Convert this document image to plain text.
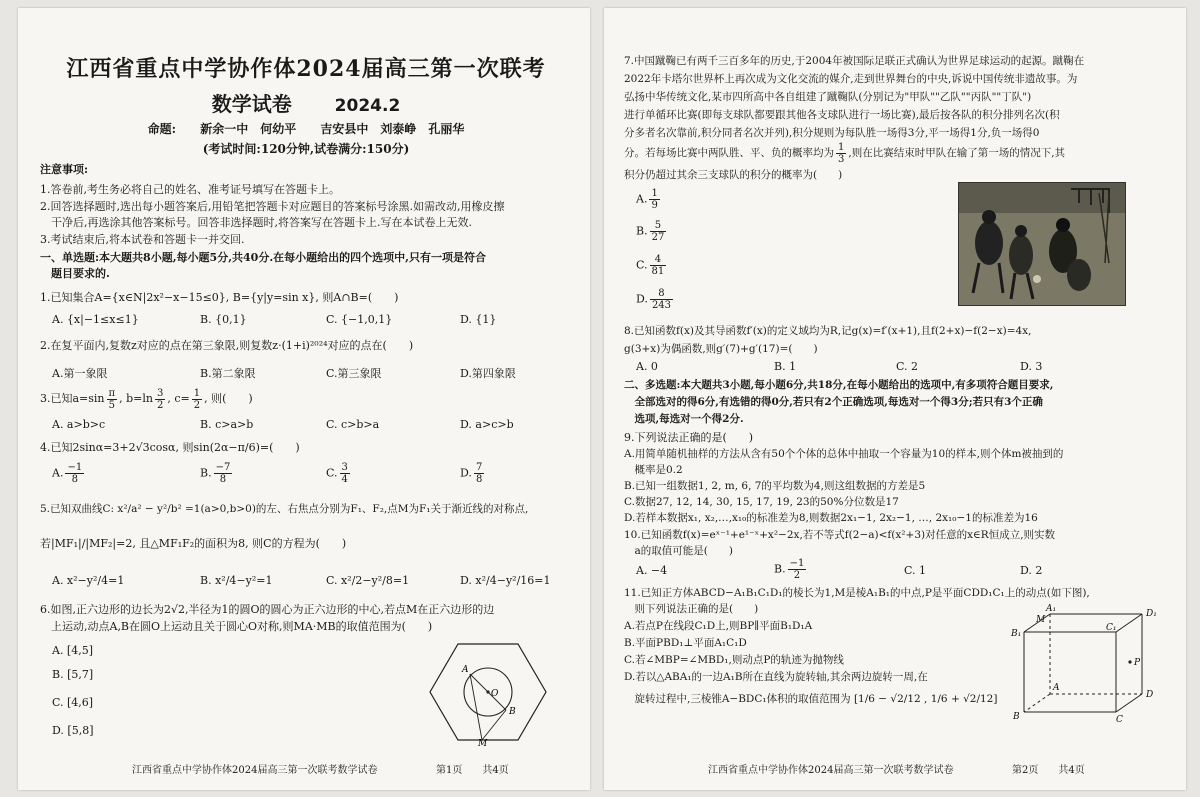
江西省重点中学协作体2024届高三第一次联考
数学试卷	2024.2
命题: 新余一中　何幼平 吉安县中　刘泰峥　孔丽华
(考试时间:120分钟,试卷满分:150分)
注意事项:
1.答卷前,考生务必将自己的姓名、准考证号填写在答题卡上。
2.回答选择题时,选出每小题答案后,用铅笔把答题卡对应题目的答案标号涂黑.如需改动,用橡皮擦
　干净后,再选涂其他答案标号。回答非选择题时,将答案写在答题卡上.写在本试卷上无效.
3.考试结束后,将本试卷和答题卡一并交回.
一、单选题:本大题共8小题,每小题5分,共40分.在每小题给出的四个选项中,只有一项是符合
　题目要求的.
1.已知集合A={x∈N|2x²−x−15≤0}, B={y|y=sin x}, 则A∩B=(　　)
A. {x|−1≤x≤1}	B. {0,1}	C. {−1,0,1}	D. {1}
2.在复平面内,复数z对应的点在第三象限,则复数z·(1+i)²⁰²⁴对应的点在(　　)
A.第一象限	B.第二象限	C.第三象限	D.第四象限
3.已知$a=\sin \frac{\pi}{5}$ , $b=\ln \frac{3}{2}$ , $c= \frac{1}{2}$ , 则(　　)
A. a>b>c	B. c>a>b	C. c>b>a	D. a>c>b
4.已知2sinα=3+2√3cosα, 则sin(2α−π/6)=(　　)
A. $\frac{-1}{8}$	B. $\frac{-7}{8}$	C. $\frac{3}{4}$	D. $\frac{7}{8}$
5.已知双曲线C: x²/a² − y²/b² =1(a>0,b>0)的左、右焦点分别为F₁、F₂,点M为F₁关于渐近线的对称点,
若|MF₁|/|MF₂|=2, 且△MF₁F₂的面积为8, 则C的方程为(　　)
A. x²−y²/4=1	B. x²/4−y²=1	C. x²/2−y²/8=1	D. x²/4−y²/16=1
6.如图,正六边形的边长为2√2,半径为1的圆O的圆心为正六边形的中心,若点M在正六边形的边
　上运动,动点A,B在圆O上运动且关于圆心O对称,则MA·MB的取值范围为(　　)
A. [4,5]
B. [5,7]
C. [4,6]
D. [5,8]
A
O
B
M
江西省重点中学协作体2024届高三第一次联考数学试卷	第1页　　共4页
7.中国蹴鞠已有两千三百多年的历史,于2004年被国际足联正式确认为世界足球运动的起源。蹴鞠在
2022年卡塔尔世界杯上再次成为文化交流的媒介,走到世界舞台的中央,诉说中国传统非遗故事。为
弘扬中华传统文化,某市四所高中各自组建了蹴鞠队(分别记为"甲队""乙队""丙队""丁队")
进行单循环比赛(即每支球队都要跟其他各支球队进行一场比赛),最后按各队的积分排列名次(积
分多者名次靠前,积分同者名次并列),积分规则为每队胜一场得3分,平一场得1分,负一场得0
分。若每场比赛中两队胜、平、负的概率均为 $\frac{1}{3}$ ,则在比赛结束时甲队在输了第一场的情况下,其
积分仍超过其余三支球队的积分的概率为(　　)
A. $\frac{1}{9}$
B. $\frac{5}{27}$
C. $\frac{4}{81}$
D. $\frac{8}{243}$
8.已知函数f(x)及其导函数f′(x)的定义域均为R,记g(x)=f′(x+1),且f(2+x)−f(2−x)=4x,
g(3+x)为偶函数,则g′(7)+g′(17)=(　　)
A. 0	B. 1	C. 2	D. 3
二、多选题:本大题共3小题,每小题6分,共18分,在每小题给出的选项中,有多项符合题目要求,
　全部选对的得6分,有选错的得0分,若只有2个正确选项,每选对一个得3分;若只有3个正确
　选项,每选对一个得2分.
9.下列说法正确的是(　　)
A.用简单随机抽样的方法从含有50个个体的总体中抽取一个容量为10的样本,则个体m被抽到的
　概率是0.2
B.已知一组数据1, 2, m, 6, 7的平均数为4,则这组数据的方差是5
C.数据27, 12, 14, 30, 15, 17, 19, 23的50%分位数是17
D.若样本数据x₁, x₂,…,x₁₀的标准差为8,则数据2x₁−1, 2x₂−1, …, 2x₁₀−1的标准差为16
10.已知函数f(x)=eˣ⁻¹+e¹⁻ˣ+x²−2x,若不等式f(2−a)<f(x²+3)对任意的x∈R恒成立,则实数
　a的取值可能是(　　)
A. −4	B. $\frac{-1}{2}$	C. 1	D. 2
11.已知正方体ABCD−A₁B₁C₁D₁的棱长为1,M是棱A₁B₁的中点,P是平面CDD₁C₁上的动点(如下图),
　则下列说法正确的是(　　)
A.若点P在线段C₁D上,则BP∥平面B₁D₁A
B.平面PBD₁⊥平面A₁C₁D
C.若∠MBP=∠MBD₁,则动点P的轨迹为抛物线
D.若以△ABA₁的一边A₁B所在直线为旋转轴,其余两边旋转一周,在
　旋转过程中,三棱锥A−BDC₁体积的取值范围为 [1/6 − √2/12 , 1/6 + √2/12]
A₁	D₁
B₁
C₁
M
P
A
D
B	C
江西省重点中学协作体2024届高三第一次联考数学试卷	第2页　　共4页
